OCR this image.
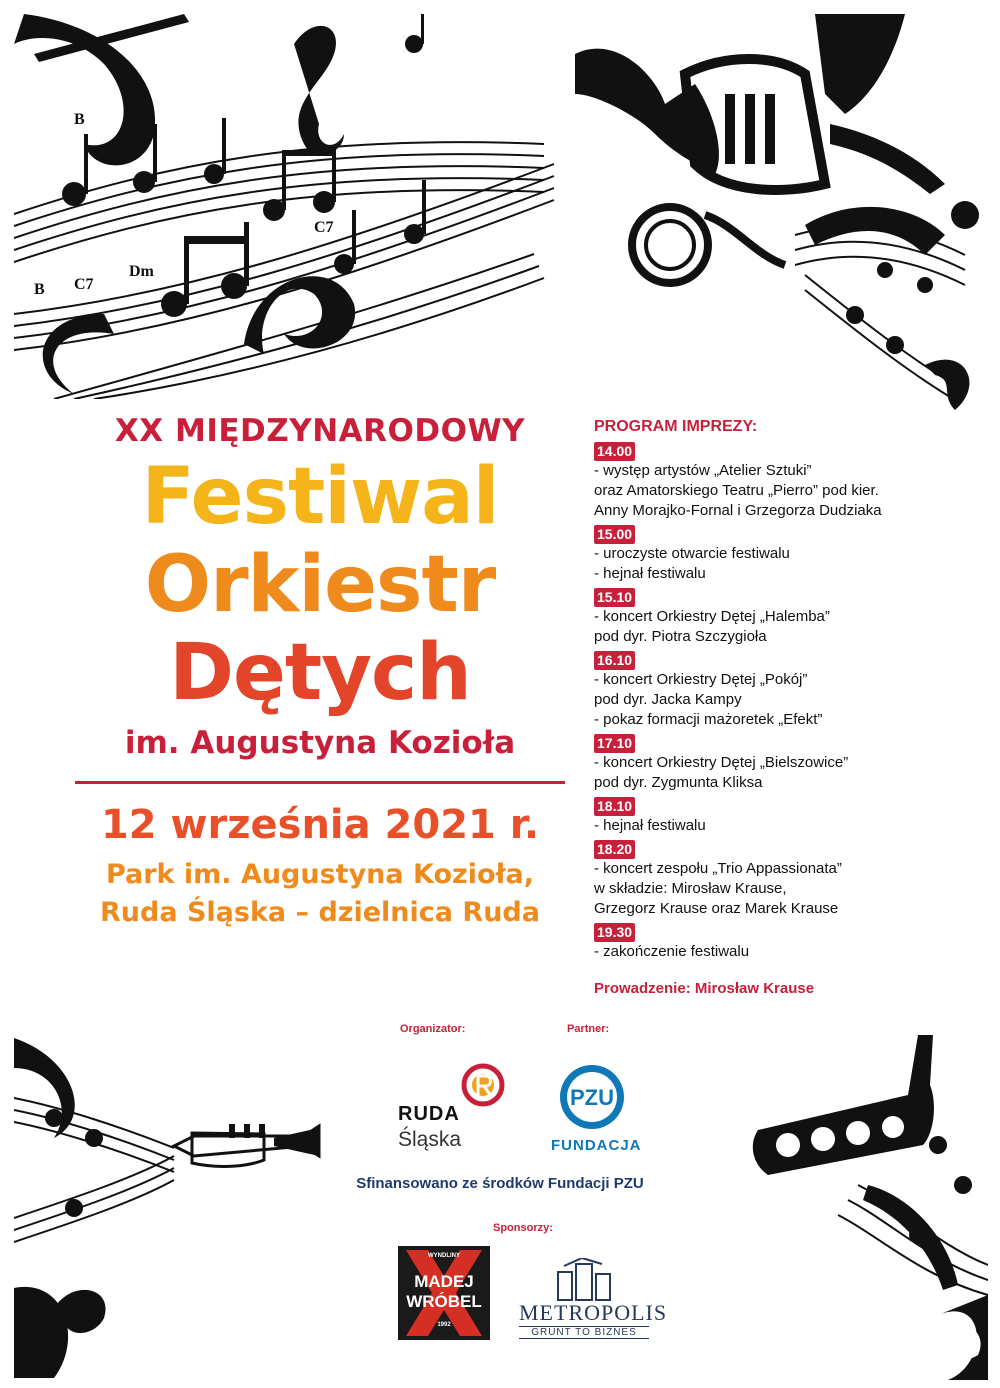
B C7
Dm
B
C7
XX MIĘDZYNARODOWY
Festiwal
Orkiestr
Dętych
im. Augustyna Kozioła
12 września 2021 r.
Park im. Augustyna Kozioła,
Ruda Śląska – dzielnica Ruda
PROGRAM IMPREZY:
14.00
- występ artystów „Atelier Sztuki”
oraz Amatorskiego Teatru „Pierro” pod kier.
Anny Morajko-Fornal i Grzegorza Dudziaka
15.00
- uroczyste otwarcie festiwalu
- hejnał festiwalu
15.10
- koncert Orkiestry Dętej „Halemba”
pod dyr. Piotra Szczygioła
16.10
- koncert Orkiestry Dętej „Pokój”
pod dyr. Jacka Kampy
- pokaz formacji mażoretek „Efekt”
17.10
- koncert Orkiestry Dętej „Bielszowice”
pod dyr. Zygmunta Kliksa
18.10
- hejnał festiwalu
18.20
- koncert zespołu „Trio Appassionata”
w składzie: Mirosław Krause,
Grzegorz Krause oraz Marek Krause
19.30
- zakończenie festiwalu
Prowadzenie: Mirosław Krause
Organizator:	Partner:
RUDA
Śląska
PZU
FUNDACJA
Sfinansowano ze środków Fundacji PZU
Sponsorzy:
WYNDLINY
MADEJ
WRÓBEL
1992	METROPOLIS
GRUNT TO BIZNES
